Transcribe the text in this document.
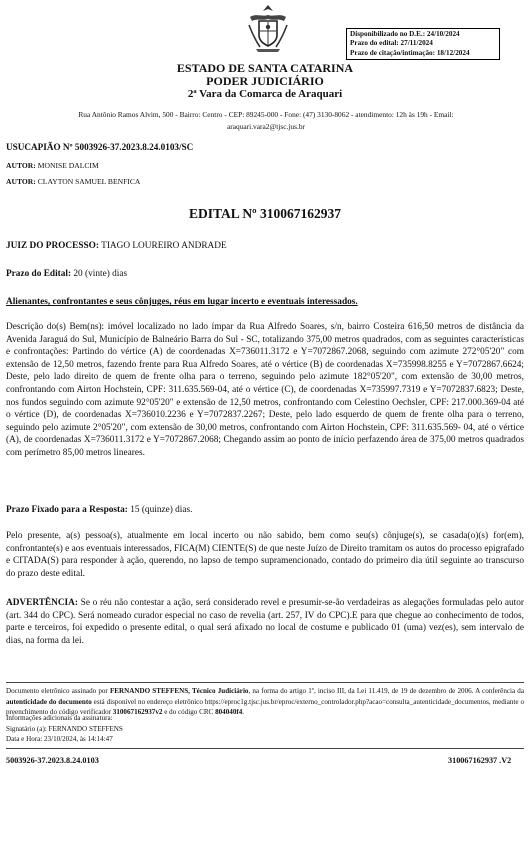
Disponibilizado no D.E.: 24/10/2024
Prazo do edital: 27/11/2024
Prazo de citação/intimação: 18/12/2024
ESTADO DE SANTA CATARINA
PODER JUDICIÁRIO
2ª Vara da Comarca de Araquari
Rua Antônio Ramos Alvim, 500 - Bairro: Centro - CEP: 89245-000 - Fone: (47) 3130-8062 - atendimento: 12h às 19h - Email:
araquari.vara2@tjsc.jus.br
USUCAPIÃO Nº 5003926-37.2023.8.24.0103/SC
AUTOR: MONISE DALCIM
AUTOR: CLAYTON SAMUEL BENFICA
EDITAL Nº 310067162937
JUIZ DO PROCESSO: TIAGO LOUREIRO ANDRADE
Prazo do Edital: 20 (vinte) dias
Alienantes, confrontantes e seus cônjuges, réus em lugar incerto e eventuais interessados.
Descrição do(s) Bem(ns): imóvel localizado no lado ímpar da Rua Alfredo Soares, s/n, bairro Costeira 616,50 metros de distância da Avenida Jaraguá do Sul, Município de Balneário Barra do Sul - SC, totalizando 375,00 metros quadrados, com as seguintes características e confrontações: Partindo do vértice (A) de coordenadas X=736011.3172 e Y=7072867.2068, seguindo com azimute 272°05'20" com extensão de 12,50 metros, fazendo frente para Rua Alfredo Soares, até o vértice (B) de coordenadas X=735998.8255 e Y=7072867.6624; Deste, pelo lado direito de quem de frente olha para o terreno, seguindo pelo azimute 182°05'20", com extensão de 30,00 metros, confrontando com Airton Hochstein, CPF: 311.635.569-04, até o vértice (C), de coordenadas X=735997.7319 e Y=7072837.6823; Deste, nos fundos seguindo com azimute 92°05'20" e extensão de 12,50 metros, confrontando com Celestino Oechsler, CPF: 217.000.369-04 até o vértice (D), de coordenadas X=736010.2236 e Y=7072837.2267; Deste, pelo lado esquerdo de quem de frente olha para o terreno, seguindo pelo azimute 2°05'20", com extensão de 30,00 metros, confrontando com Airton Hochstein, CPF: 311.635.569- 04, até o vértice (A), de coordenadas X=736011.3172 e Y=7072867.2068; Chegando assim ao ponto de início perfazendo área de 375,00 metros quadrados com perímetro 85,00 metros lineares.
Prazo Fixado para a Resposta: 15 (quinze) dias.
Pelo presente, a(s) pessoa(s), atualmente em local incerto ou não sabido, bem como seu(s) cônjuge(s), se casada(o)(s) for(em), confrontante(s) e aos eventuais interessados, FICA(M) CIENTE(S) de que neste Juízo de Direito tramitam os autos do processo epigrafado e CITADA(S) para responder à ação, querendo, no lapso de tempo supramencionado, contado do primeiro dia útil seguinte ao transcurso do prazo deste edital.
ADVERTÊNCIA: Se o réu não contestar a ação, será considerado revel e presumir-se-ão verdadeiras as alegações formuladas pelo autor (art. 344 do CPC). Será nomeado curador especial no caso de revelia (art. 257, IV do CPC).E para que chegue ao conhecimento de todos, parte e terceiros, foi expedido o presente edital, o qual será afixado no local de costume e publicado 01 (uma) vez(es), sem intervalo de dias, na forma da lei.
Documento eletrônico assinado por FERNANDO STEFFENS, Técnico Judiciário, na forma do artigo 1º, inciso III, da Lei 11.419, de 19 de dezembro de 2006. A conferência da autenticidade do documento está disponível no endereço eletrônico https://eproc1g.tjsc.jus.br/eproc/externo_controlador.php?acao=consulta_autenticidade_documentos, mediante o preenchimento do código verificador 310067162937v2 e do código CRC 804040f4.
Informações adicionais da assinatura:
Signatário (a): FERNANDO STEFFENS
Data e Hora: 23/10/2024, às 14:14:47
5003926-37.2023.8.24.0103	310067162937 .V2
